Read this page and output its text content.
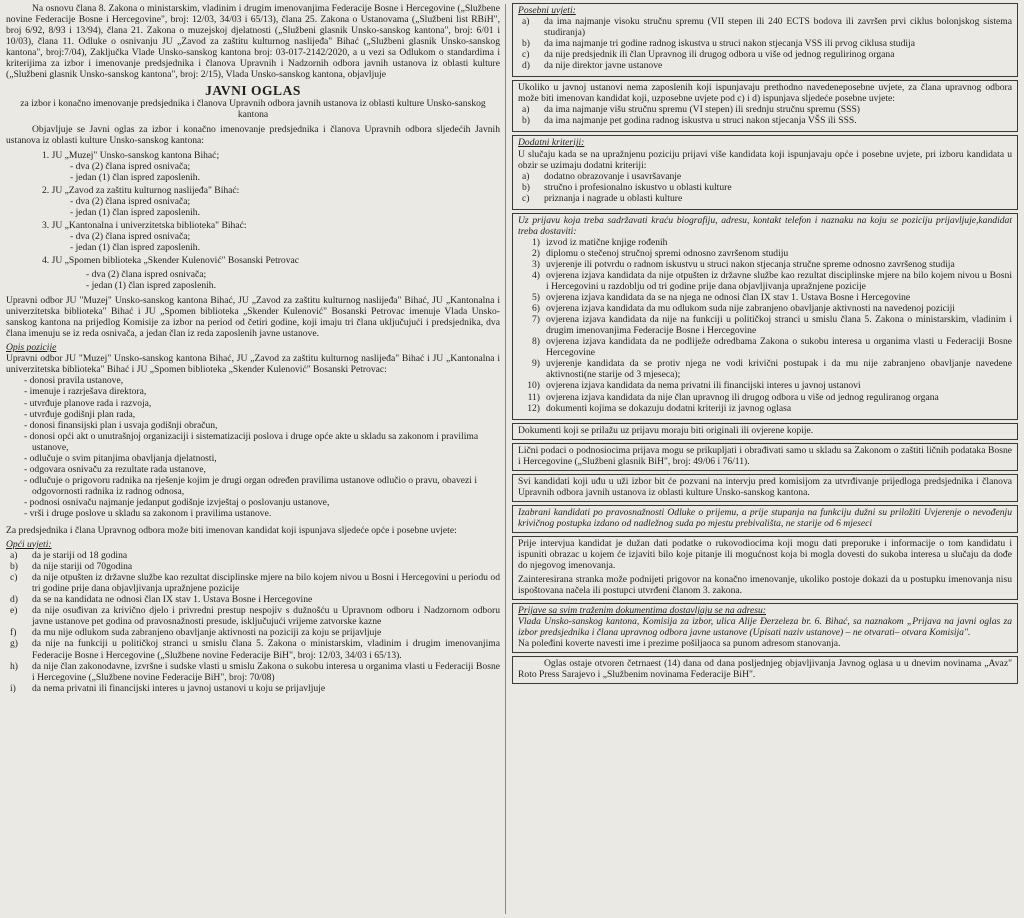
Na osnovu člana 8. Zakona o ministarskim, vladinim i drugim imenovanjima Federacije Bosne i Hercegovine („Službene novine Federacije Bosne i Hercegovine", broj: 12/03, 34/03 i 65/13), člana 25. Zakona o Ustanovama („Službeni list RBiH", broj 6/92, 8/93 i 13/94), člana 21. Zakona o muzejskoj djelatnosti („Službeni glasnik Unsko-sanskog kantona", broj: 6/01 i 10/03), člana 11. Odluke o osnivanju JU „Zavod za zaštitu kulturnog naslijeđa" Bihać („Službeni glasnik Unsko-sanskog kantona", broj:7/04), Zaključka Vlade Unsko-sanskog kantona broj: 03-017-2142/2020, a u vezi sa Odlukom o standardima i kriterijima za izbor i imenovanje predsjednika i članova Upravnih i Nadzornih odbora javnih ustanova iz oblasti kulture („Službeni glasnik Unsko-sanskog kantona", broj: 2/15), Vlada Unsko-sanskog kantona, objavljuje

JAVNI OGLAS
za izbor i konačno imenovanje predsjednika i članova Upravnih odbora javnih ustanova iz oblasti kulture Unsko-sanskog kantona

Objavljuje se Javni oglas za izbor i konačno imenovanje predsjednika i članova Upravnih odbora sljedećih Javnih ustanova iz oblasti kulture Unsko-sanskog kantona:

1. JU „Muzej" Unsko-sanskog kantona Bihać;
- dva (2) člana ispred osnivača;
- jedan (1) član ispred zaposlenih.
2. JU „Zavod za zaštitu kulturnog naslijeđa" Bihać:
- dva (2) člana ispred osnivača;
- jedan (1) član ispred zaposlenih.
3. JU „Kantonalna i univerzitetska biblioteka" Bihać:
- dva (2) člana ispred osnivača;
- jedan (1) član ispred zaposlenih.
4. JU „Spomen biblioteka „Skender Kulenović" Bosanski Petrovac
- dva (2) člana ispred osnivača;
- jedan (1) član ispred zaposlenih.

Upravni odbor JU "Muzej" Unsko-sanskog kantona Bihać, JU „Zavod za zaštitu kulturnog naslijeđa" Bihać, JU „Kantonalna i univerzitetska biblioteka" Bihać i JU „Spomen biblioteka „Skender Kulenović" Bosanski Petrovac imenuje Vlada Unsko-sanskog kantona na prijedlog Komisije za izbor na period od četiri godine, koji imaju tri člana uključujući i predsjednika, dva člana imenuju se iz reda osnivača, a jedan član iz reda zaposlenih javne ustanove.

Opis pozicije

Upravni odbor JU "Muzej" Unsko-sanskog kantona Bihać, JU „Zavod za zaštitu kulturnog naslijeđa" Bihać i JU „Kantonalna i univerzitetska biblioteka" Bihać i JU „Spomen biblioteka „Skender Kulenović" Bosanski Petrovac:

- donosi pravila ustanove,
- imenuje i razrješava direktora,
- utvrđuje planove rada i razvoja,
- utvrđuje godišnji plan rada,
- donosi finansijski plan i usvaja godišnji obračun,
- donosi opći akt o unutrašnjoj organizaciji i sistematizaciji poslova i druge opće akte u skladu sa zakonom i pravilima ustanove,
- odlučuje o svim pitanjima obavljanja djelatnosti,
- odgovara osnivaču za rezultate rada ustanove,
- odlučuje o prigovoru radnika na rješenje kojim je drugi organ određen pravilima ustanove odlučio o pravu, obavezi i odgovornosti radnika iz radnog odnosa,
- podnosi osnivaču najmanje jedanput godišnje izvještaj o poslovanju ustanove,
- vrši i druge poslove u skladu sa zakonom i pravilima ustanove.

Za predsjednika i člana Upravnog odbora može biti imenovan kandidat koji ispunjava sljedeće opće i posebne uvjete:

Opći uvjeti:
a)	da je stariji od 18 godina
b)	da nije stariji od 70godina
c)	da nije otpušten iz državne službe kao rezultat disciplinske mjere na bilo kojem nivou u Bosni i Hercegovini u periodu od tri godine prije dana objavljivanja upražnjene pozicije
d)	da se na kandidata ne odnosi član IX stav 1. Ustava Bosne i Hercegovine
e)	da nije osuđivan za krivično djelo i privredni prestup nespojiv s dužnošću u Upravnom odboru i Nadzornom odboru javne ustanove pet godina od pravosnažnosti presude, isključujući vrijeme zatvorske kazne
f)	da mu nije odlukom suda zabranjeno obavljanje aktivnosti na poziciji za koju se prijavljuje
g)	da nije na funkciji u političkoj stranci u smislu člana 5. Zakona o ministarskim, vladinim i drugim imenovanjima Federacije Bosne i Hercegovine („Službene novine Federacije BiH", broj: 12/03, 34/03 i 65/13).
h)	da nije član zakonodavne, izvršne i sudske vlasti u smislu Zakona o sukobu interesa u organima vlasti u Federaciji Bosne i Hercegovine („Službene novine Federacije BiH", broj: 70/08)
i)	da nema privatni ili financijski interes u javnoj ustanovi u koju se prijavljuje
Posebni uvjeti:
a)	da ima najmanje visoku stručnu spremu (VII stepen ili 240 ECTS bodova ili završen prvi ciklus bolonjskog sistema studiranja)
b)	da ima najmanje tri godine radnog iskustva u struci nakon stjecanja VSS ili prvog ciklusa studija
c)	da nije predsjednik ili član Upravnog ili drugog odbora u više od jednog regulirinog organa
d)	da nije direktor javne ustanove

Ukoliko u javnoj ustanovi nema zaposlenih koji ispunjavaju prethodno navedeneposebne uvjete, za člana upravnog odbora može biti imenovan kandidat koji, uzposebne uvjete pod c) i d) ispunjava sljedeće posebne uvjete:

a)	da ima najmanje višu stručnu spremu (VI stepen) ili srednju stručnu spremu (SSS)
b)	da ima najmanje pet godina radnog iskustva u struci nakon stjecanja VŠS ili SSS.
Dodatni kriteriji:

U slučaju kada se na upražnjenu poziciju prijavi više kandidata koji ispunjavaju opće i posebne uvjete, pri izboru kandidata u obzir se uzimaju dodatni kriteriji:

a)	dodatno obrazovanje i usavršavanje
b)	stručno i profesionalno iskustvo u oblasti kulture
c)	priznanja i nagrade u oblasti kulture

Uz prijavu koja treba sadržavati kraću biografiju, adresu, kontakt telefon i naznaku na koju se poziciju prijavljuje,kandidat treba dostaviti:

1) izvod iz matične knjige rođenih
2) diplomu o stečenoj stručnoj spremi odnosno završenom studiju
3) uvjerenje ili potvrdu o radnom iskustvu u struci nakon stjecanja stručne spreme odnosno završenog studija
4) ovjerena izjava kandidata da nije otpušten iz državne službe kao rezultat disciplinske mjere na bilo kojem nivou u Bosni i Hercegovini u razdoblju od tri godine prije dana objavljivanja upražnjene pozicije
5) ovjerena izjava kandidata da se na njega ne odnosi član IX stav 1. Ustava Bosne i Hercegovine
6) ovjerena izjava kandidata da mu odlukom suda nije zabranjeno obavljanje aktivnosti na navedenoj poziciji
7) ovjerena izjava kandidata da nije na funkciji u političkoj stranci u smislu člana 5. Zakona o ministarskim, vladinim i drugim imenovanjima Federacije Bosne i Hercegovine
8) ovjerena izjava kandidata da ne podliježe odredbama Zakona o sukobu interesa u organima vlasti u Federaciji Bosne Hercegovine
9) uvjerenje kandidata da se protiv njega ne vodi krivični postupak i da mu nije zabranjeno obavljanje navedene aktivnosti(ne starije od 3 mjeseca);
10) ovjerena izjava kandidata da nema privatni ili financijski interes u javnoj ustanovi
11) ovjerena izjava kandidata da nije član upravnog ili drugog odbora u više od jednog reguliranog organa
12) dokumenti kojima se dokazuju dodatni kriteriji iz javnog oglasa

Dokumenti koji se prilažu uz prijavu moraju biti originali ili ovjerene kopije.

Lični podaci o podnosiocima prijava mogu se prikupljati i obrađivati samo u skladu sa Zakonom o zaštiti ličnih podataka Bosne i Hercegovine („Službeni glasnik BiH", broj: 49/06 i 76/11).

Svi kandidati koji uđu u uži izbor bit će pozvani na intervju pred komisijom za utvrđivanje prijedloga predsjednika i članova Upravnih odbora javnih ustanova iz oblasti kulture Unsko-sanskog kantona.

Izabrani kandidati po pravosnažnosti Odluke o prijemu, a prije stupanja na funkciju dužni su priložiti Uvjerenje o nevođenju krivičnog postupka izdano od nadležnog suda po mjestu prebivališta, ne starije od 6 mjeseci

Prije intervjua kandidat je dužan dati podatke o rukovodiocima koji mogu dati preporuke i informacije o tom kandidatu i ispuniti obrazac u kojem će izjaviti bilo koje pitanje ili mogućnost koja bi mogla dovesti do sukoba interesa u slučaju da dođe do njegovog imenovanja.

Zainteresirana stranka može podnijeti prigovor na konačno imenovanje, ukoliko postoje dokazi da u postupku imenovanja nisu ispoštovana načela ili postupci utvrđeni članom 3. zakona.

Prijave sa svim traženim dokumentima dostavljaju se na adresu:

Vlada Unsko-sanskog kantona, Komisija za izbor, ulica Alije Đerzeleza br. 6. Bihać, sa naznakom „Prijava na javni oglas za izbor predsjednika i člana upravnog odbora javne ustanove (Upisati naziv ustanove) – ne otvarati– otvara Komisija".

Na poleđini koverte navesti ime i prezime pošiljaoca sa punom adresom stanovanja.

Oglas ostaje otvoren četrnaest (14) dana od dana posljednjeg objavljivanja Javnog oglasa u u dnevim novinama „Avaz" Roto Press Sarajevo i „Službenim novinama Federacije BiH".
